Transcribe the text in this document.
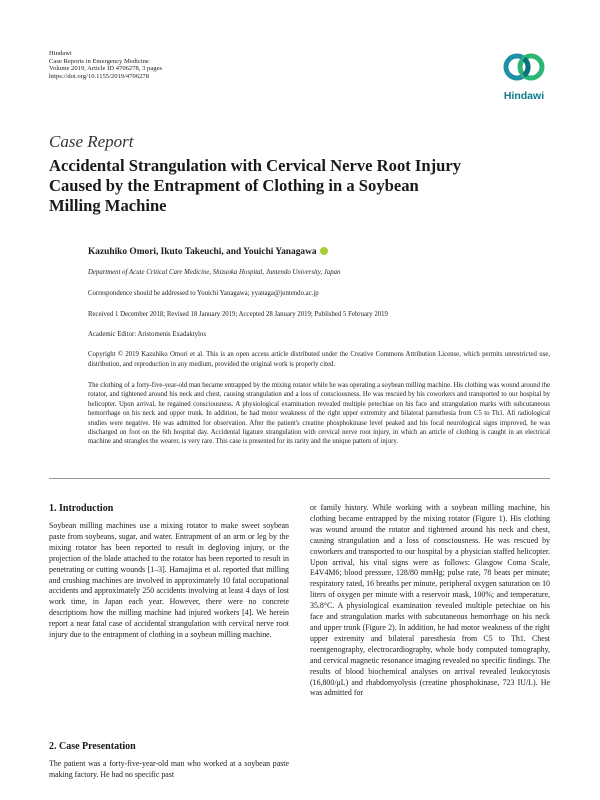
Hindawi
Case Reports in Emergency Medicine
Volume 2019, Article ID 4706278, 3 pages
https://doi.org/10.1155/2019/4706278
Hindawi
Case Report
Accidental Strangulation with Cervical Nerve Root Injury Caused by the Entrapment of Clothing in a Soybean Milling Machine
Kazuhiko Omori, Ikuto Takeuchi, and Youichi Yanagawa
Department of Acute Critical Care Medicine, Shizuoka Hospital, Juntendo University, Japan
Correspondence should be addressed to Youichi Yanagawa; yyanaga@juntendo.ac.jp
Received 1 December 2018; Revised 18 January 2019; Accepted 28 January 2019; Published 5 February 2019
Academic Editor: Aristomenis Exadaktylos
Copyright © 2019 Kazuhiko Omori et al. This is an open access article distributed under the Creative Commons Attribution License, which permits unrestricted use, distribution, and reproduction in any medium, provided the original work is properly cited.
The clothing of a forty-five-year-old man became entrapped by the mixing rotator while he was operating a soybean milling machine. His clothing was wound around the rotator, and tightened around his neck and chest, causing strangulation and a loss of consciousness. He was rescued by his coworkers and transported to our hospital by helicopter. Upon arrival, he regained consciousness. A physiological examination revealed multiple petechiae on his face and strangulation marks with subcutaneous hemorrhage on his neck and upper trunk. In addition, he had motor weakness of the right upper extremity and bilateral paresthesia from C5 to Th1. All radiological studies were negative. He was admitted for observation. After the patient's creatine phosphokinase level peaked and his focal neurological signs improved, he was discharged on foot on the 6th hospital day. Accidental ligature strangulation with cervical nerve root injury, in which an article of clothing is caught in an electrical machine and strangles the wearer, is very rare. This case is presented for its rarity and the unique pattern of injury.
1. Introduction

Soybean milling machines use a mixing rotator to make sweet soybean paste from soybeans, sugar, and water. Entrapment of an arm or leg by the mixing rotator has been reported to result in degloving injury, or the projection of the blade attached to the rotator has been reported to result in penetrating or cutting wounds [1–3]. Hamajima et al. reported that milling and crushing machines are involved in approximately 10 fatal occupational accidents and approximately 250 accidents involving at least 4 days of lost work time, in Japan each year. However, there were no concrete descriptions how the milling machine had injured workers [4]. We herein report a near fatal case of accidental strangulation with cervical nerve root injury due to the entrapment of clothing in a soybean milling machine.

2. Case Presentation

The patient was a forty-five-year-old man who worked at a soybean paste making factory. He had no specific past

or family history. While working with a soybean milling machine, his clothing became entrapped by the mixing rotator (Figure 1). His clothing was wound around the rotator and tightened around his neck and chest, causing strangulation and a loss of consciousness. He was rescued by coworkers and transported to our hospital by a physician staffed helicopter. Upon arrival, his vital signs were as follows: Glasgow Coma Scale, E4V4M6; blood pressure, 128/80 mmHg; pulse rate, 78 beats per minute; respiratory rated, 16 breaths per minute, peripheral oxygen saturation on 10 liters of oxygen per minute with a reservoir mask, 100%; and temperature, 35.8°C. A physiological examination revealed multiple petechiae on his face and strangulation marks with subcutaneous hemorrhage on his neck and upper trunk (Figure 2). In addition, he had motor weakness of the right upper extremity and bilateral paresthesia from C5 to Th1. Chest roentgenography, electrocardiography, whole body computed tomography, and cervical magnetic resonance imaging revealed no specific findings. The results of blood biochemical analyses on arrival revealed leukocytosis (16,800/μL) and rhabdomyolysis (creatine phosphokinase, 723 IU/L). He was admitted for
